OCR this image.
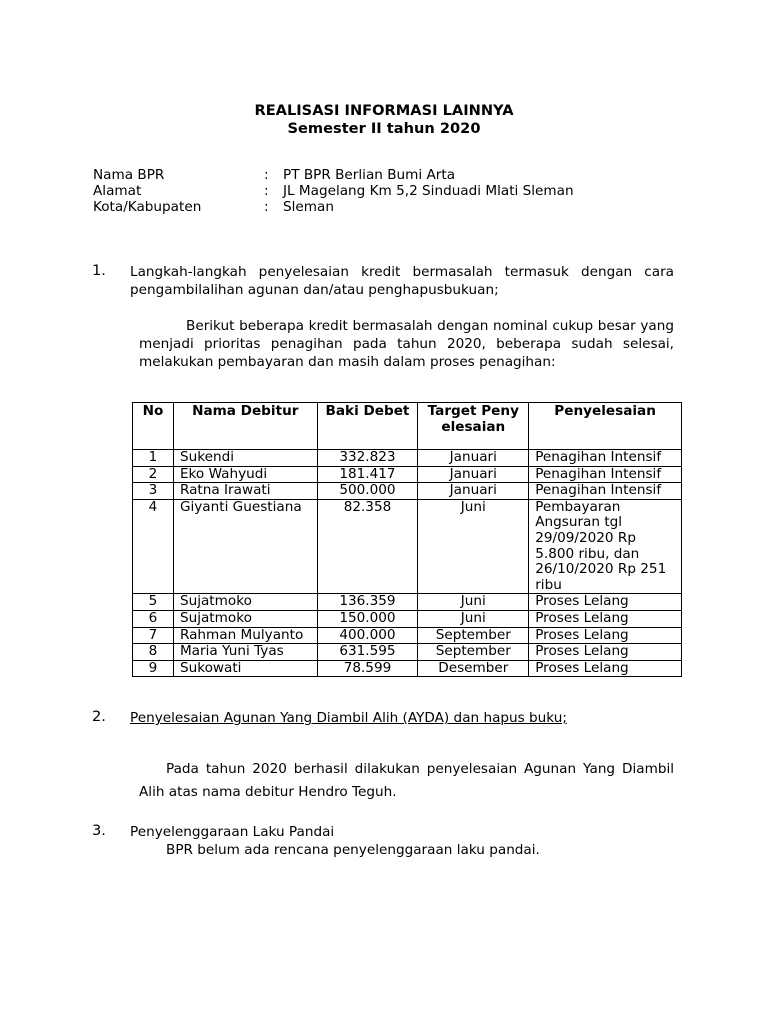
REALISASI INFORMASI LAINNYA
Semester II tahun 2020
Nama BPR	: PT BPR Berlian Bumi Arta
Alamat	: JL Magelang Km 5,2 Sinduadi Mlati Sleman
Kota/Kabupaten	: Sleman
1. Langkah-langkah penyelesaian kredit bermasalah termasuk dengan cara pengambilalihan agunan dan/atau penghapusbukuan;
Berikut beberapa kredit bermasalah dengan nominal cukup besar yang menjadi prioritas penagihan pada tahun 2020, beberapa sudah selesai, melakukan pembayaran dan masih dalam proses penagihan:
No	Nama Debitur	Baki Debet	Target Penyelesaian	Penyelesaian
1	Sukendi	332.823	Januari	Penagihan Intensif
2	Eko Wahyudi	181.417	Januari	Penagihan Intensif
3	Ratna Irawati	500.000	Januari	Penagihan Intensif
4	Giyanti Guestiana	82.358	Juni	Pembayaran Angsuran tgl 29/09/2020 Rp 5.800 ribu, dan 26/10/2020 Rp 251 ribu
5	Sujatmoko	136.359	Juni	Proses Lelang
6	Sujatmoko	150.000	Juni	Proses Lelang
7	Rahman Mulyanto	400.000	September	Proses Lelang
8	Maria Yuni Tyas	631.595	September	Proses Lelang
9	Sukowati	78.599	Desember	Proses Lelang
2. Penyelesaian Agunan Yang Diambil Alih (AYDA) dan hapus buku;
Pada tahun 2020 berhasil dilakukan penyelesaian Agunan Yang Diambil Alih atas nama debitur Hendro Teguh.
3. Penyelenggaraan Laku Pandai
BPR belum ada rencana penyelenggaraan laku pandai.
